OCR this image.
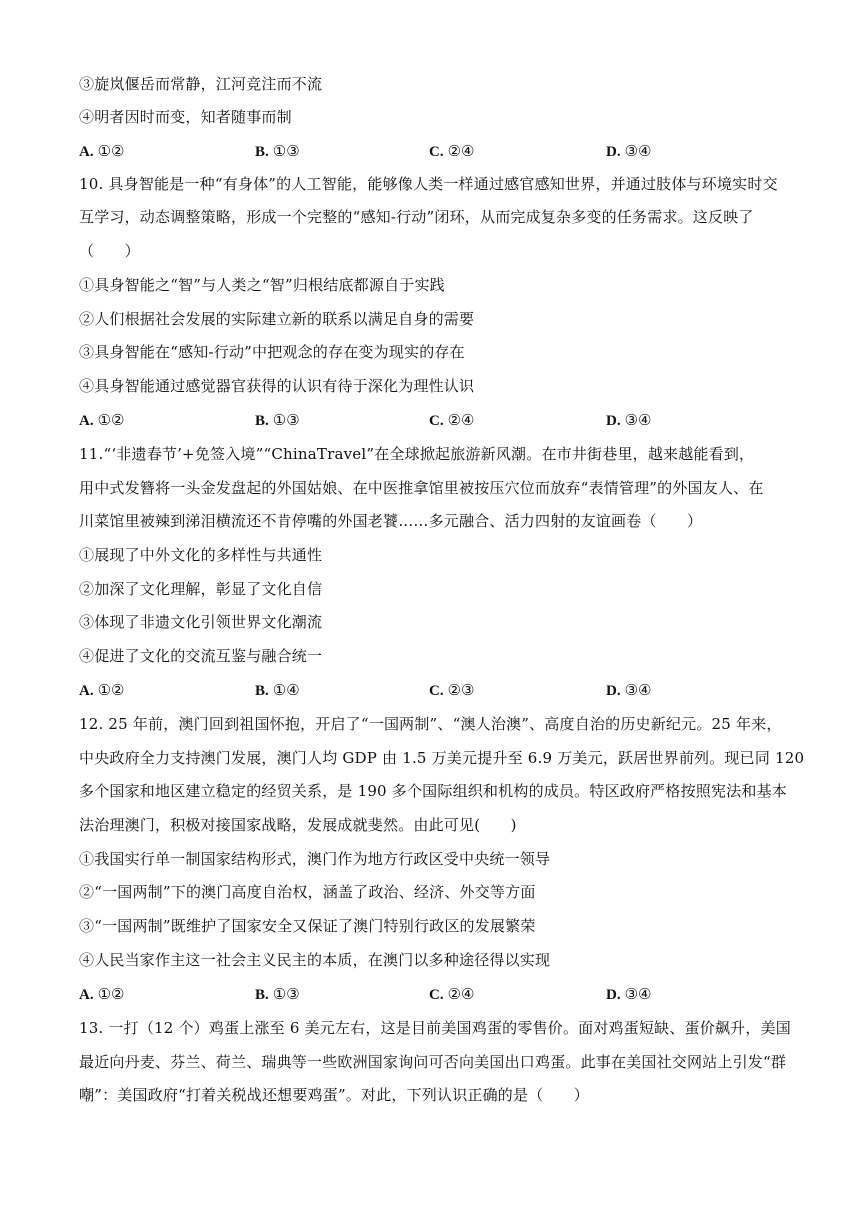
③旋岚偃岳而常静，江河竞注而不流
④明者因时而变，知者随事而制
A. ①②	B. ①③	C. ②④	D. ③④
10. 具身智能是一种“有身体”的人工智能，能够像人类一样通过感官感知世界，并通过肢体与环境实时交
互学习，动态调整策略，形成一个完整的“感知-行动”闭环，从而完成复杂多变的任务需求。这反映了
（　　）
①具身智能之“智”与人类之“智”归根结底都源自于实践
②人们根据社会发展的实际建立新的联系以满足自身的需要
③具身智能在“感知-行动”中把观念的存在变为现实的存在
④具身智能通过感觉器官获得的认识有待于深化为理性认识
A. ①②	B. ①③	C. ②④	D. ③④
11.“‘非遗春节’+免签入境”“ChinaTravel”在全球掀起旅游新风潮。在市井街巷里，越来越能看到，
用中式发簪将一头金发盘起的外国姑娘、在中医推拿馆里被按压穴位而放弃“表情管理”的外国友人、在
川菜馆里被辣到涕泪横流还不肯停嘴的外国老饕……多元融合、活力四射的友谊画卷（　　）
①展现了中外文化的多样性与共通性
②加深了文化理解，彰显了文化自信
③体现了非遗文化引领世界文化潮流
④促进了文化的交流互鉴与融合统一
A. ①②	B. ①④	C. ②③	D. ③④
12. 25 年前，澳门回到祖国怀抱，开启了“一国两制”、“澳人治澳”、高度自治的历史新纪元。25 年来，
中央政府全力支持澳门发展，澳门人均 GDP 由 1.5 万美元提升至 6.9 万美元，跃居世界前列。现已同 120
多个国家和地区建立稳定的经贸关系，是 190 多个国际组织和机构的成员。特区政府严格按照宪法和基本
法治理澳门，积极对接国家战略，发展成就斐然。由此可见(　　)
①我国实行单一制国家结构形式，澳门作为地方行政区受中央统一领导
②“一国两制”下的澳门高度自治权，涵盖了政治、经济、外交等方面
③“一国两制”既维护了国家安全又保证了澳门特别行政区的发展繁荣
④人民当家作主这一社会主义民主的本质，在澳门以多种途径得以实现
A. ①②	B. ①③	C. ②④	D. ③④
13. 一打（12 个）鸡蛋上涨至 6 美元左右，这是目前美国鸡蛋的零售价。面对鸡蛋短缺、蛋价飙升，美国
最近向丹麦、芬兰、荷兰、瑞典等一些欧洲国家询问可否向美国出口鸡蛋。此事在美国社交网站上引发“群
嘲”：美国政府“打着关税战还想要鸡蛋”。对此，下列认识正确的是（　　）
